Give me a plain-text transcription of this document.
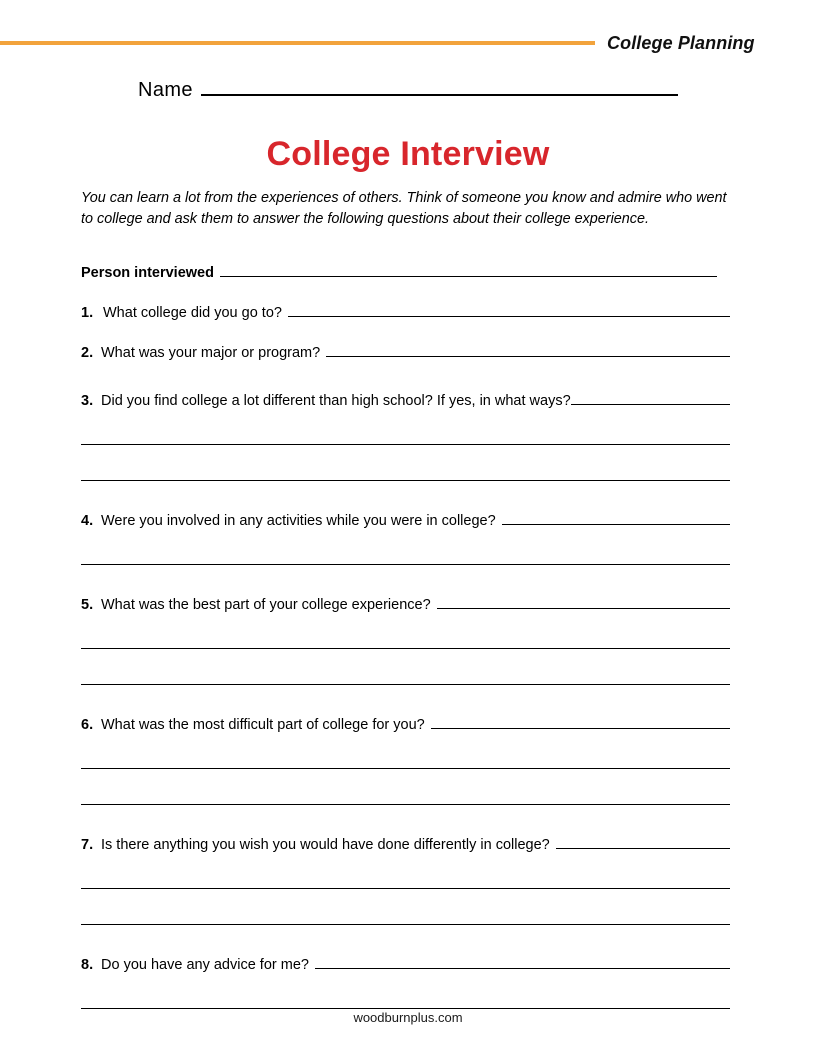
College Planning
Name
College Interview

You can learn a lot from the experiences of others. Think of someone you know and admire who went to college and ask them to answer the following questions about their college experience.

Person interviewed
1. What college did you go to?
2. What was your major or program?
3. Did you find college a lot different than high school? If yes, in what ways?
4. Were you involved in any activities while you were in college?
5. What was the best part of your college experience?
6. What was the most difficult part of college for you?
7. Is there anything you wish you would have done differently in college?
8. Do you have any advice for me?
woodburnplus.com
